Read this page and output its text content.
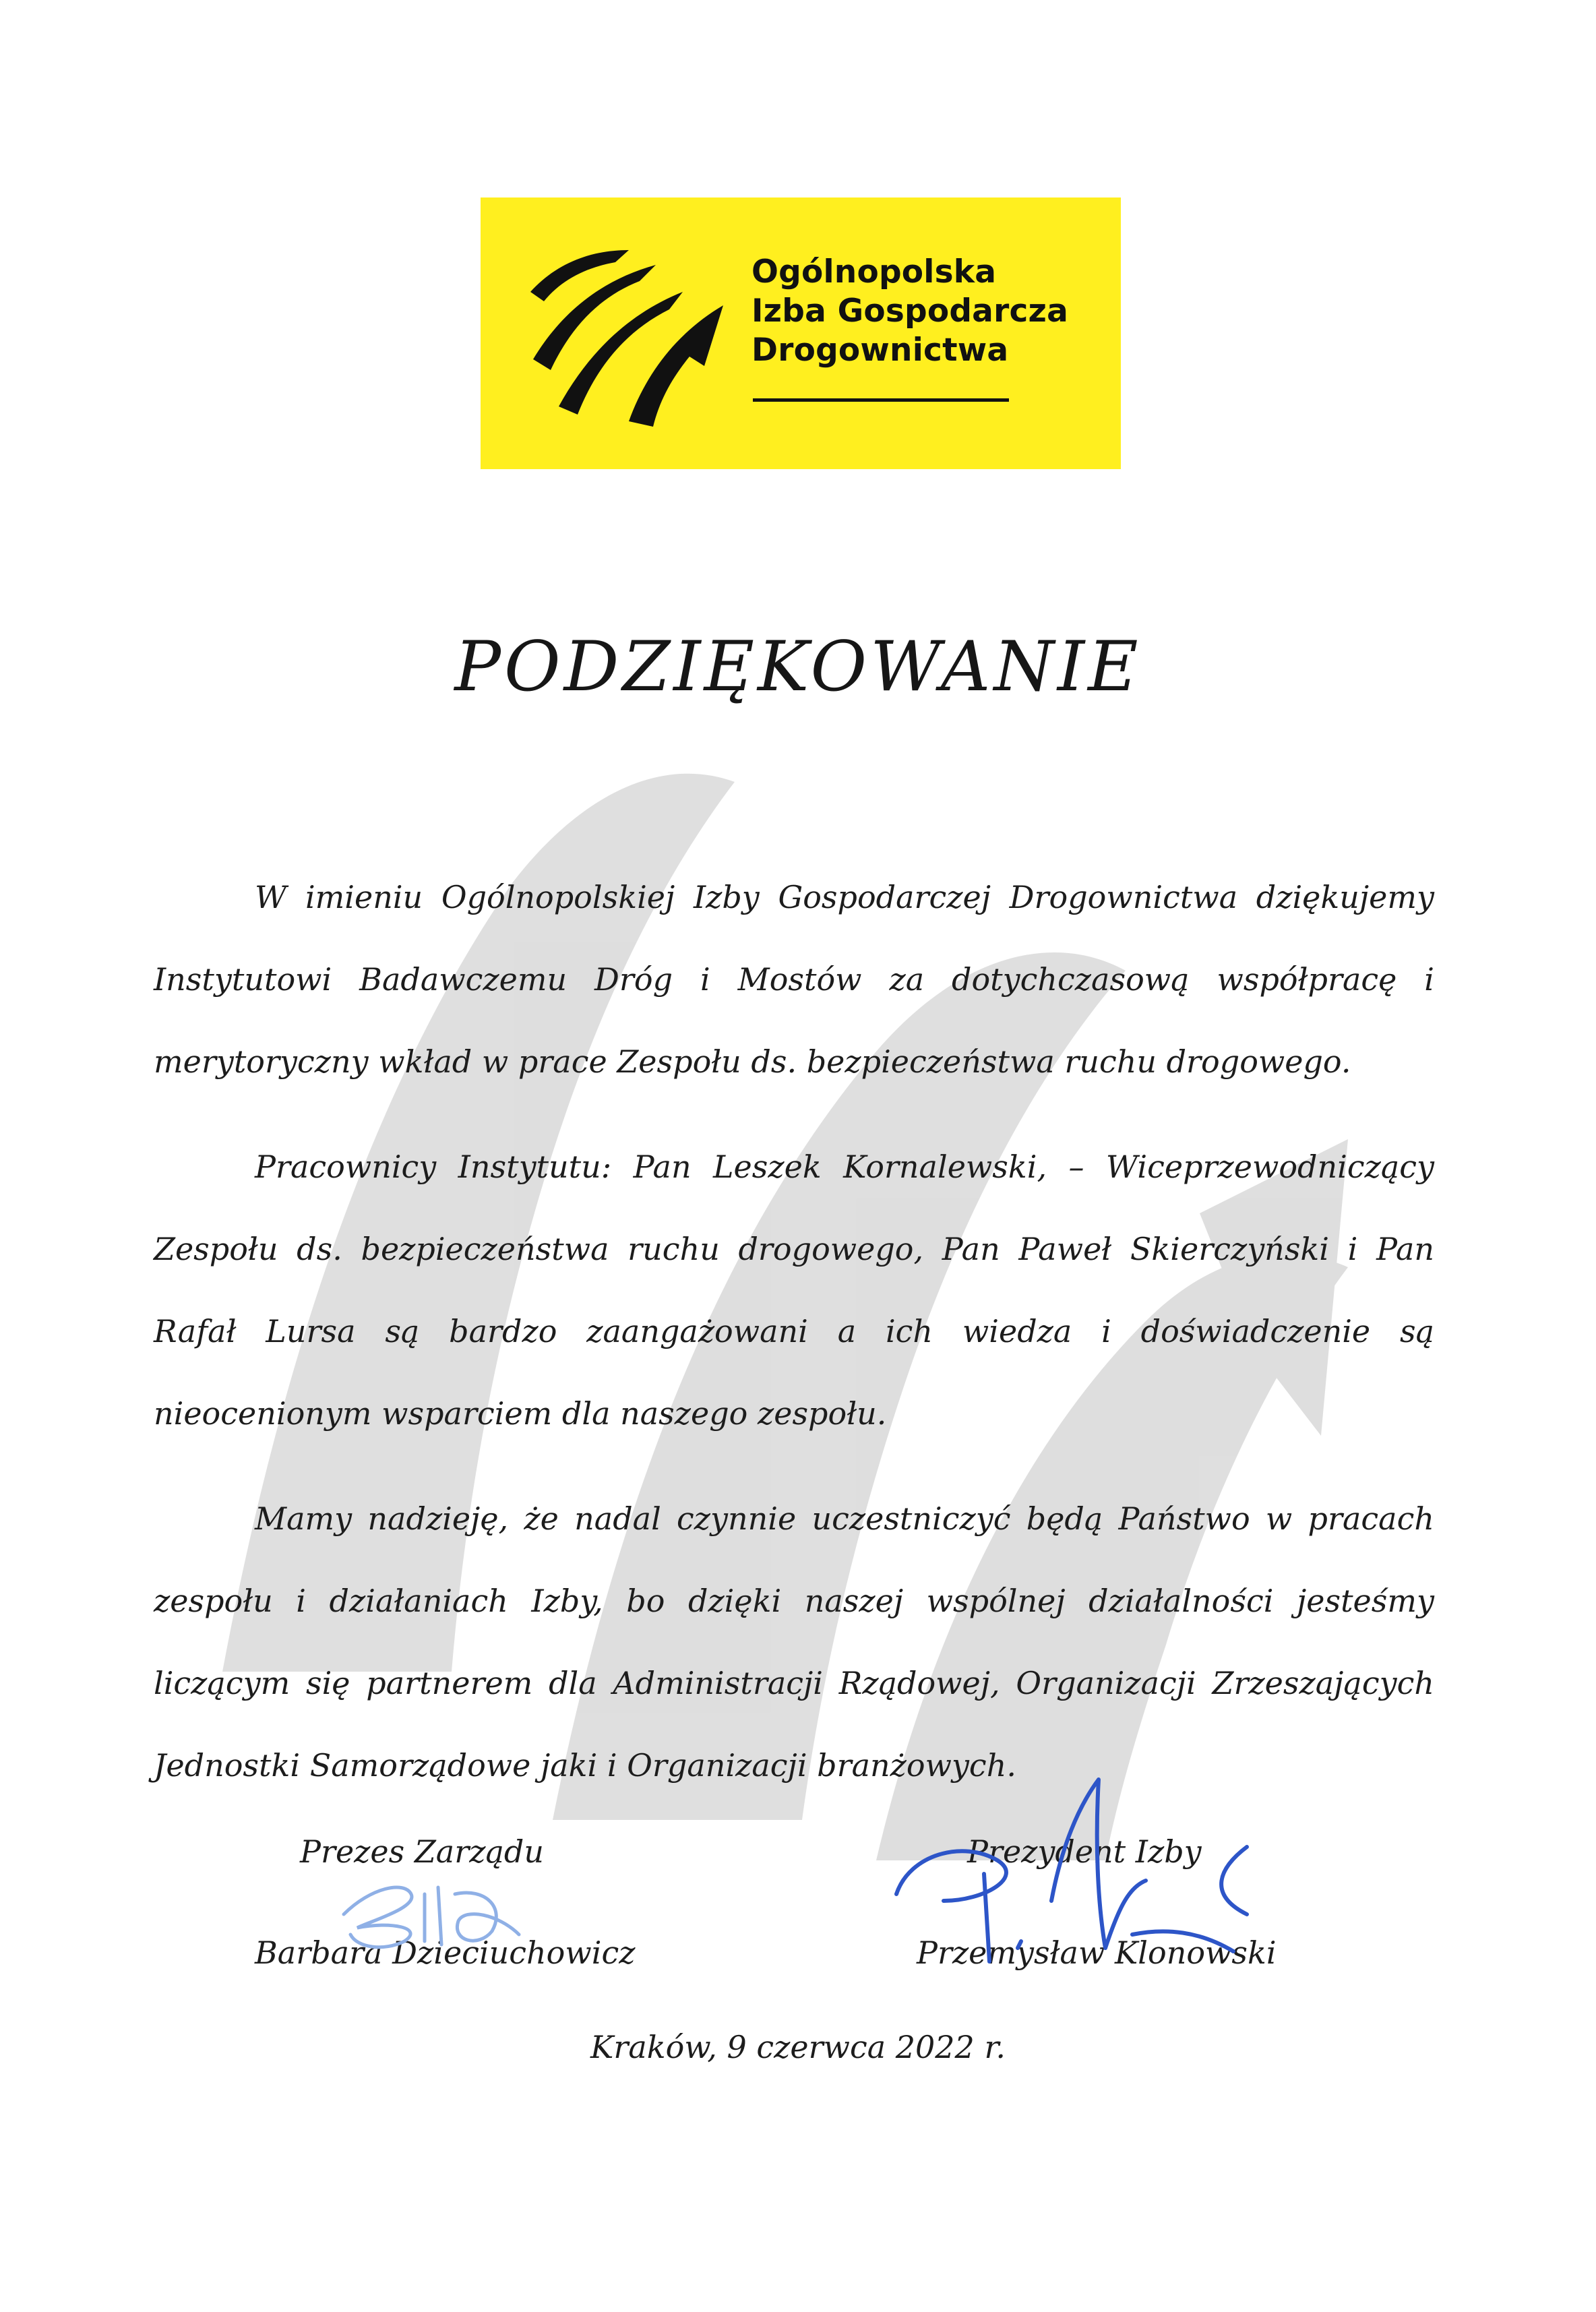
Ogólnopolska
Izba Gospodarcza
Drogownictwa
PODZIĘKOWANIE

W imieniu Ogólnopolskiej Izby Gospodarczej Drogownictwa dziękujemy Instytutowi Badawczemu Dróg i Mostów za dotychczasową współpracę i merytoryczny wkład w prace Zespołu ds. bezpieczeństwa ruchu drogowego.

Pracownicy Instytutu: Pan Leszek Kornalewski, – Wiceprzewodniczący Zespołu ds. bezpieczeństwa ruchu drogowego, Pan Paweł Skierczyński i Pan Rafał Lursa są bardzo zaangażowani a ich wiedza i doświadczenie są nieocenionym wsparciem dla naszego zespołu.

Mamy nadzieję, że nadal czynnie uczestniczyć będą Państwo w pracach zespołu i działaniach Izby, bo dzięki naszej wspólnej działalności jesteśmy liczącym się partnerem dla Administracji Rządowej, Organizacji Zrzeszających Jednostki Samorządowe jaki i Organizacji branżowych.

Prezes Zarządu
Barbara Dzieciuchowicz
Prezydent Izby
Przemysław Klonowski
Kraków, 9 czerwca 2022 r.
